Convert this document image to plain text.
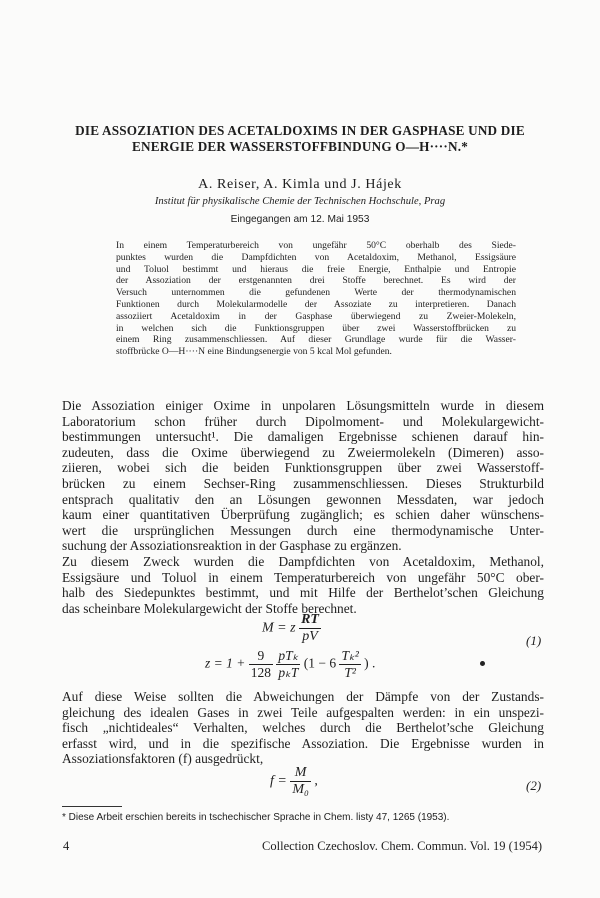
DIE ASSOZIATION DES ACETALDOXIMS IN DER GASPHASE UND DIE
ENERGIE DER WASSERSTOFFBINDUNG O—H····N.*
A. Reiser, A. Kimla und J. Hájek
Institut für physikalische Chemie der Technischen Hochschule, Prag
Eingegangen am 12. Mai 1953
In einem Temperaturbereich von ungefähr 50°C oberhalb des Siede-
punktes wurden die Dampfdichten von Acetaldoxim, Methanol, Essigsäure
und Toluol bestimmt und hieraus die freie Energie, Enthalpie und Entropie
der Assoziation der erstgenannten drei Stoffe berechnet. Es wird der
Versuch unternommen die gefundenen Werte der thermodynamischen
Funktionen durch Molekularmodelle der Assoziate zu interpretieren. Danach
assoziiert Acetaldoxim in der Gasphase überwiegend zu Zweier-Molekeln,
in welchen sich die Funktionsgruppen über zwei Wasserstoffbrücken zu
einem Ring zusammenschliessen. Auf dieser Grundlage wurde für die Wasser-
stoffbrücke O—H····N eine Bindungsenergie von 5 kcal Mol gefunden.
Die Assoziation einiger Oxime in unpolaren Lösungsmitteln wurde in diesem
Laboratorium schon früher durch Dipolmoment- und Molekulargewicht-
bestimmungen untersucht¹. Die damaligen Ergebnisse schienen darauf hin-
zudeuten, dass die Oxime überwiegend zu Zweiermolekeln (Dimeren) asso-
ziieren, wobei sich die beiden Funktionsgruppen über zwei Wasserstoff-
brücken zu einem Sechser-Ring zusammenschliessen. Dieses Strukturbild
entsprach qualitativ den an Lösungen gewonnen Messdaten, war jedoch
kaum einer quantitativen Überprüfung zugänglich; es schien daher wünschens-
wert die ursprünglichen Messungen durch eine thermodynamische Unter-
suchung der Assoziationsreaktion in der Gasphase zu ergänzen.
Zu diesem Zweck wurden die Dampfdichten von Acetaldoxim, Methanol,
Essigsäure und Toluol in einem Temperaturbereich von ungefähr 50°C ober-
halb des Siedepunktes bestimmt, und mit Hilfe der Berthelot’schen Gleichung
das scheinbare Molekulargewicht der Stoffe berechnet.
M = z $\frac{RT}{pV}$	(1)
$z = 1 + \frac{9}{128}$
$\frac{\text{pTₖ}}{\text{pₖT}} (1 - 6 \frac{\text{Tₖ²}}{\text{T²}}$ ) .
Auf diese Weise sollten die Abweichungen der Dämpfe von der Zustands-
gleichung des idealen Gases in zwei Teile aufgespalten werden: in ein unspezi-
fisch „nichtideales“ Verhalten, welches durch die Berthelot’sche Gleichung
erfasst wird, und in die spezifische Assoziation. Die Ergebnisse wurden in
Assoziationsfaktoren (f) ausgedrückt,
$f = \frac{M}{\text{M₀}}$ ,	(2)
* Diese Arbeit erschien bereits in tschechischer Sprache in Chem. listy 47, 1265 (1953).
4	Collection Czechoslov. Chem. Commun. Vol. 19 (1954)
